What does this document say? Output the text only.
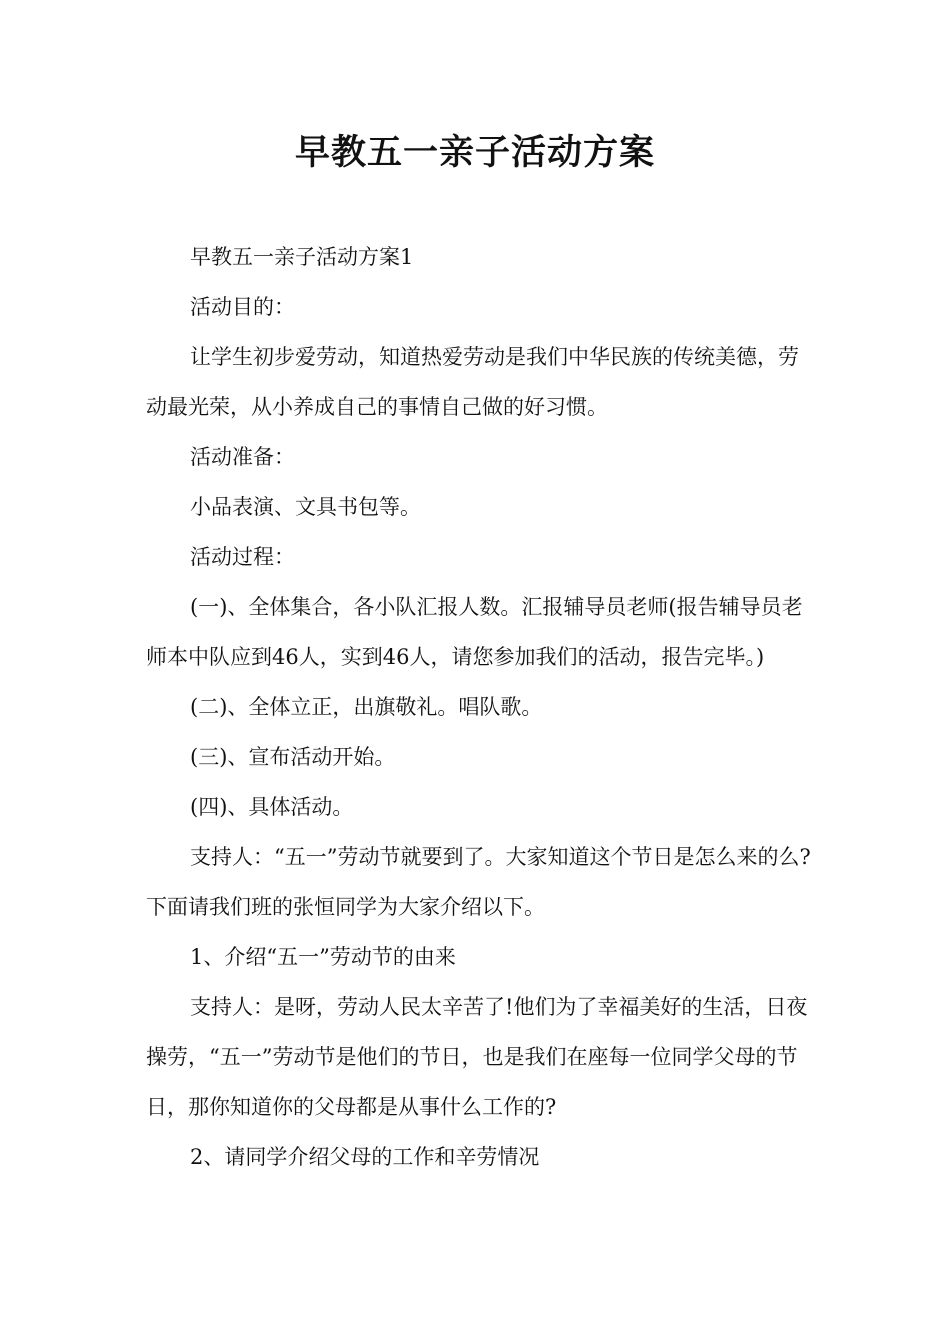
早教五一亲子活动方案

早教五一亲子活动方案1

活动目的：

让学生初步爱劳动，知道热爱劳动是我们中华民族的传统美德，劳动最光荣，从小养成自己的事情自己做的好习惯。

活动准备：

小品表演、文具书包等。

活动过程：

(一)、全体集合，各小队汇报人数。汇报辅导员老师(报告辅导员老师本中队应到46人，实到46人，请您参加我们的活动，报告完毕。)

(二)、全体立正，出旗敬礼。唱队歌。

(三)、宣布活动开始。

(四)、具体活动。

支持人：“五一”劳动节就要到了。大家知道这个节日是怎么来的么?下面请我们班的张恒同学为大家介绍以下。

1、介绍“五一”劳动节的由来

支持人：是呀，劳动人民太辛苦了!他们为了幸福美好的生活，日夜操劳，“五一”劳动节是他们的节日，也是我们在座每一位同学父母的节日，那你知道你的父母都是从事什么工作的?

2、请同学介绍父母的工作和辛劳情况
